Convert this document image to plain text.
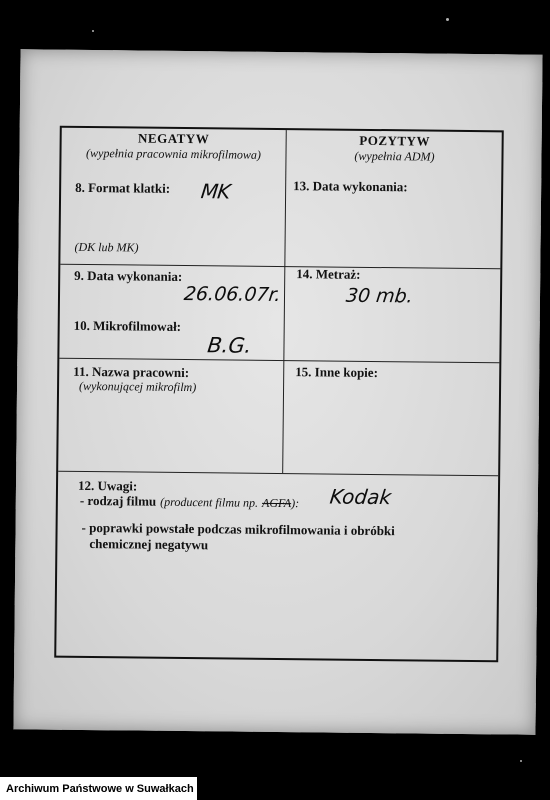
NEGATYW
(wypełnia pracownia mikrofilmowa)
POZYTYW
(wypełnia ADM)
8. Format klatki: MK
(DK lub MK)
13. Data wykonania:
9. Data wykonania:
26.06.07r.
14. Metraż:
30 mb.
10. Mikrofilmował:
B.G.
11. Nazwa pracowni:
(wykonującej mikrofilm)
15. Inne kopie:
12. Uwagi:
- rodzaj filmu (producent filmu np. AGFA): Kodak
- poprawki powstałe podczas mikrofilmowania i obróbki
chemicznej negatywu
Archiwum Państwowe w Suwałkach
